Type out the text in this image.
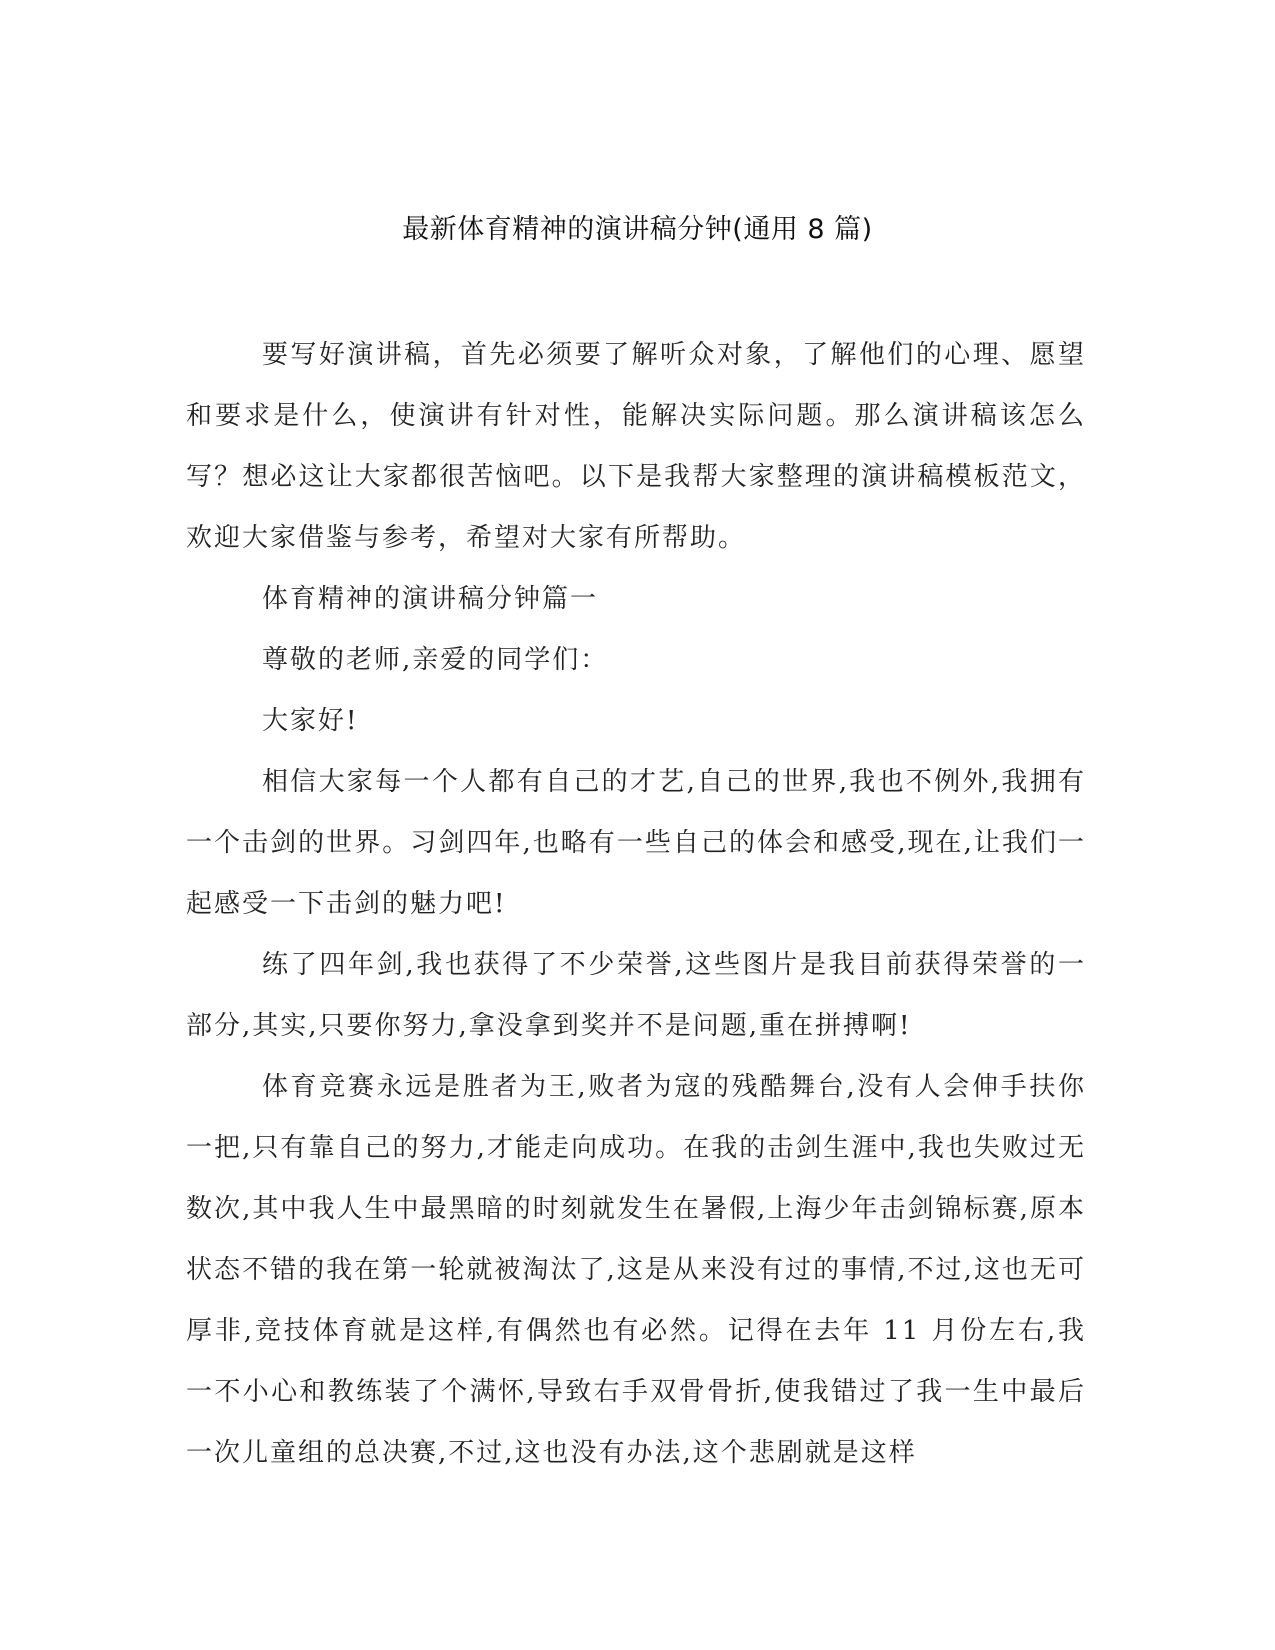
最新体育精神的演讲稿分钟(通用 8 篇)

要写好演讲稿，首先必须要了解听众对象，了解他们的心理、愿望和要求是什么，使演讲有针对性，能解决实际问题。那么演讲稿该怎么写？想必这让大家都很苦恼吧。以下是我帮大家整理的演讲稿模板范文，欢迎大家借鉴与参考，希望对大家有所帮助。

体育精神的演讲稿分钟篇一

尊敬的老师,亲爱的同学们：

大家好!

相信大家每一个人都有自己的才艺,自己的世界,我也不例外,我拥有一个击剑的世界。习剑四年,也略有一些自己的体会和感受,现在,让我们一起感受一下击剑的魅力吧!

练了四年剑,我也获得了不少荣誉,这些图片是我目前获得荣誉的一部分,其实,只要你努力,拿没拿到奖并不是问题,重在拼搏啊!

体育竞赛永远是胜者为王,败者为寇的残酷舞台,没有人会伸手扶你一把,只有靠自己的努力,才能走向成功。在我的击剑生涯中,我也失败过无数次,其中我人生中最黑暗的时刻就发生在暑假,上海少年击剑锦标赛,原本状态不错的我在第一轮就被淘汰了,这是从来没有过的事情,不过,这也无可厚非,竞技体育就是这样,有偶然也有必然。记得在去年 11 月份左右,我一不小心和教练装了个满怀,导致右手双骨骨折,使我错过了我一生中最后一次儿童组的总决赛,不过,这也没有办法,这个悲剧就是这样
